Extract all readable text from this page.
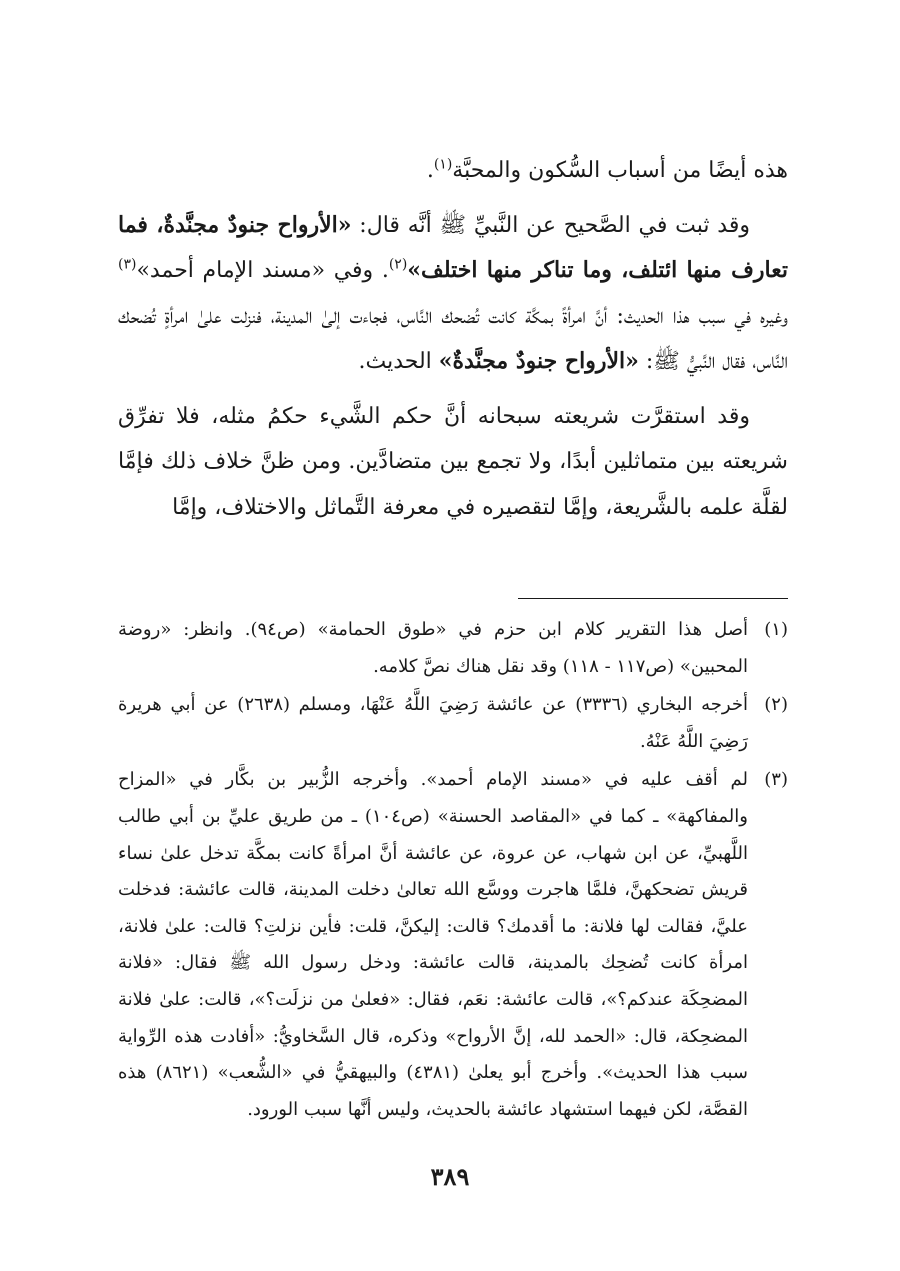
هذه أيضًا من أسباب السُّكون والمحبَّة$^{(١)}$.

وقد ثبت في الصَّحيح عن النَّبيِّ ﷺ أنَّه قال: «الأرواح جنودٌ مجنَّدةٌ، فما تعارف منها ائتلف، وما تناكر منها اختلف»$^{(٢)}$. وفي «مسند الإمام أحمد»$^{(٣)}$ وغيره في سبب هذا الحديث: أنَّ امرأةً بمكَّة كانت تُضحك النَّاس، فجاءت إلىٰ المدينة، فنزلت علىٰ امرأةٍ تُضحك النَّاس، فقال النَّبيُّ ﷺ: «الأرواح جنودٌ مجنَّدةٌ» الحديث.

وقد استقرَّت شريعته سبحانه أنَّ حكم الشَّيء حكمُ مثله، فلا تفرِّق شريعته بين متماثلين أبدًا، ولا تجمع بين متضادَّين. ومن ظنَّ خلاف ذلك فإمَّا لقلَّة علمه بالشَّريعة، وإمَّا لتقصيره في معرفة التَّماثل والاختلاف، وإمَّا

(١)
أصل هذا التقرير كلام ابن حزم في «طوق الحمامة» (ص٩٤). وانظر: «روضة المحبين» (ص١١٧ - ١١٨) وقد نقل هناك نصَّ كلامه.
(٢)
أخرجه البخاري (٣٣٣٦) عن عائشة رَضِيَ اللَّهُ عَنْهَا، ومسلم (٢٦٣٨) عن أبي هريرة رَضِيَ اللَّهُ عَنْهُ.
(٣)
لم أقف عليه في «مسند الإمام أحمد». وأخرجه الزُّبير بن بكَّار في «المزاح والمفاكهة» ـ كما في «المقاصد الحسنة» (ص١٠٤) ـ من طريق عليِّ بن أبي طالب اللَّهبيِّ، عن ابن شهاب، عن عروة، عن عائشة أنَّ امرأةً كانت بمكَّة تدخل علىٰ نساء قريش تضحكهنَّ، فلمَّا هاجرت ووسَّع الله تعالىٰ دخلت المدينة، قالت عائشة: فدخلت عليَّ، فقالت لها فلانة: ما أقدمك؟ قالت: إليكنَّ، قلت: فأين نزلتِ؟ قالت: علىٰ فلانة، امرأة كانت تُضحِك بالمدينة، قالت عائشة: ودخل رسول الله ﷺ فقال: «فلانة المضحِكَة عندكم؟»، قالت عائشة: نعَم، فقال: «فعلىٰ من نزلَت؟»، قالت: علىٰ فلانة المضحِكة، قال: «الحمد لله، إنَّ الأرواح» وذكره، قال السَّخاويُّ: «أفادت هذه الرِّواية سبب هذا الحديث». وأخرج أبو يعلىٰ (٤٣٨١) والبيهقيُّ في «الشُّعب» (٨٦٢١) هذه القصَّة، لكن فيهما استشهاد عائشة بالحديث، وليس أنَّها سبب الورود.
٣٨٩
